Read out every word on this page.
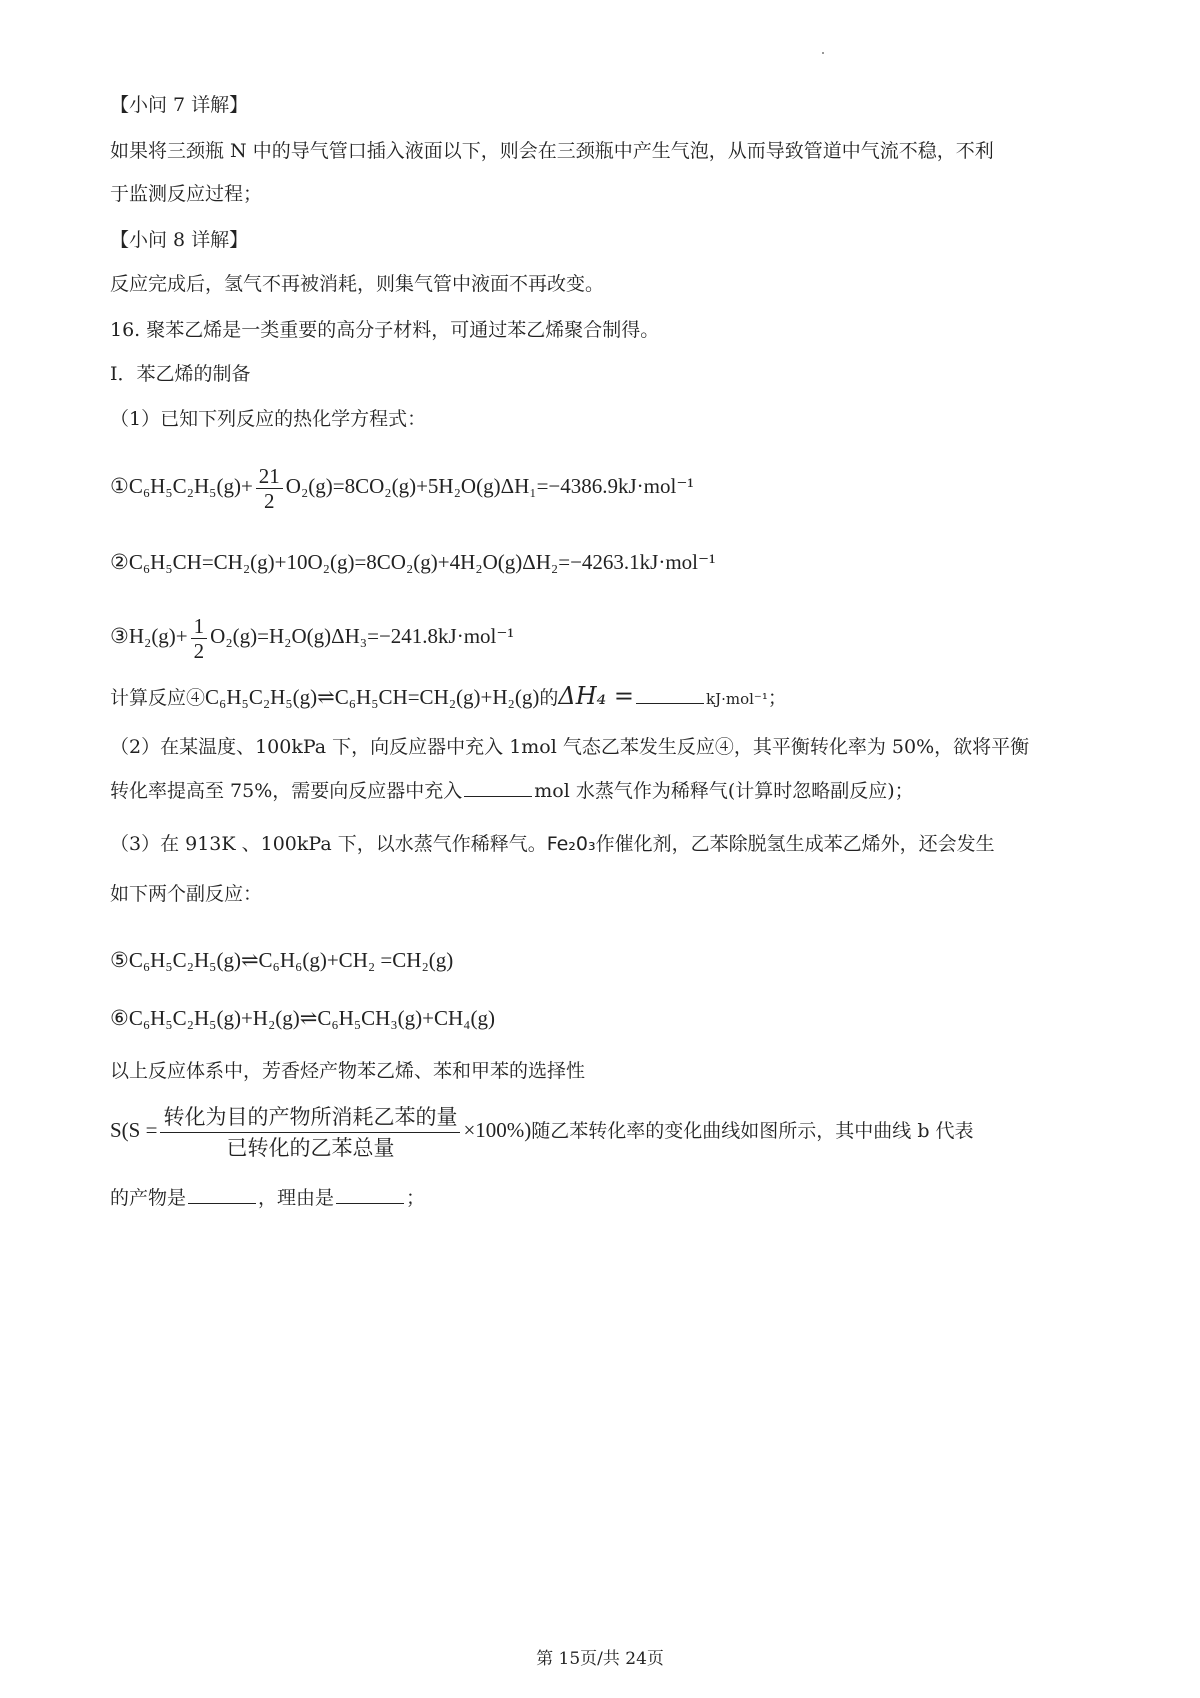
【小问 7 详解】
如果将三颈瓶 N 中的导气管口插入液面以下，则会在三颈瓶中产生气泡，从而导致管道中气流不稳，不利
于监测反应过程；
【小问 8 详解】
反应完成后，氢气不再被消耗，则集气管中液面不再改变。
16. 聚苯乙烯是一类重要的高分子材料，可通过苯乙烯聚合制得。
I．苯乙烯的制备
（1）已知下列反应的热化学方程式：
①C₆H₅C₂H₅(g)+ $\frac{21}{2} O_2(g)=8CO_2(g)+5H_2O(g)\Delta H_1=-4386.9kJ\cdot mol^{-1}$
②C₆H₅CH=CH₂(g)+10O₂(g)=8CO₂(g)+4H₂O(g)ΔH₂=−4263.1kJ·mol⁻¹
③H₂(g)+ $\frac{1}{2} O_2(g)=H_2O(g)\Delta H_3=-241.8kJ\cdot mol^{-1}$
计算反应④C₆H₅C₂H₅(g)⇌C₆H₅CH=CH₂(g)+H₂(g)的ΔH₄ =	kJ·mol⁻¹；
（2）在某温度、100kPa 下，向反应器中充入 1mol 气态乙苯发生反应④，其平衡转化率为 50%，欲将平衡
转化率提高至 75%，需要向反应器中充入	mol 水蒸气作为稀释气(计算时忽略副反应)；
（3）在 913K 、100kPa 下，以水蒸气作稀释气。Fe₂0₃作催化剂，乙苯除脱氢生成苯乙烯外，还会发生
如下两个副反应：
⑤C₆H₅C₂H₅(g)⇌C₆H₆(g)+CH₂ =CH₂(g)
⑥C₆H₅C₂H₅(g)+H₂(g)⇌C₆H₅CH₃(g)+CH₄(g)
以上反应体系中，芳香烃产物苯乙烯、苯和甲苯的选择性
$S(S = \frac{\text{转化为目的产物所消耗乙苯的量}}{\text{已转化的乙苯总量}} \times 100\%)$随乙苯转化率的变化曲线如图所示，其中曲线 b 代表
的产物是	，理由是	；
第 15页/共 24页
